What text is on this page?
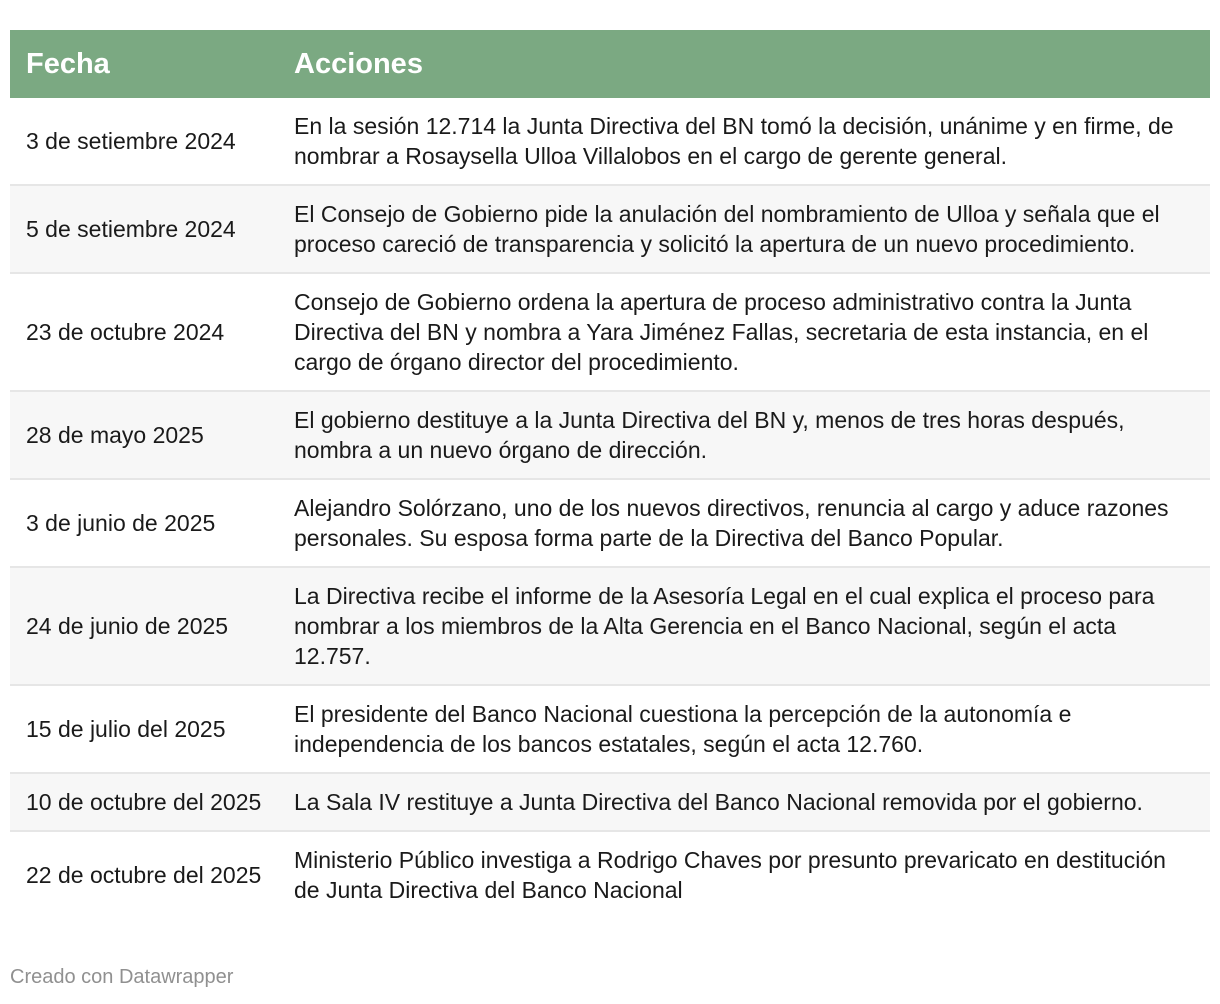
Fecha	Acciones
3 de setiembre 2024	En la sesión 12.714 la Junta Directiva del BN tomó la decisión, unánime y en firme, de nombrar a Rosaysella Ulloa Villalobos en el cargo de gerente general.
5 de setiembre 2024	El Consejo de Gobierno pide la anulación del nombramiento de Ulloa y señala que el proceso careció de transparencia y solicitó la apertura de un nuevo procedimiento.
23 de octubre 2024	Consejo de Gobierno ordena la apertura de proceso administrativo contra la Junta Directiva del BN y nombra a Yara Jiménez Fallas, secretaria de esta instancia, en el cargo de órgano director del procedimiento.
28 de mayo 2025	El gobierno destituye a la Junta Directiva del BN y, menos de tres horas después, nombra a un nuevo órgano de dirección.
3 de junio de 2025	Alejandro Solórzano, uno de los nuevos directivos, renuncia al cargo y aduce razones personales. Su esposa forma parte de la Directiva del Banco Popular.
24 de junio de 2025	La Directiva recibe el informe de la Asesoría Legal en el cual explica el proceso para nombrar a los miembros de la Alta Gerencia en el Banco Nacional, según el acta 12.757.
15 de julio del 2025	El presidente del Banco Nacional cuestiona la percepción de la autonomía e independencia de los bancos estatales, según el acta 12.760.
10 de octubre del 2025	La Sala IV restituye a Junta Directiva del Banco Nacional removida por el gobierno.
22 de octubre del 2025	Ministerio Público investiga a Rodrigo Chaves por presunto prevaricato en destitución de Junta Directiva del Banco Nacional
Creado con Datawrapper
